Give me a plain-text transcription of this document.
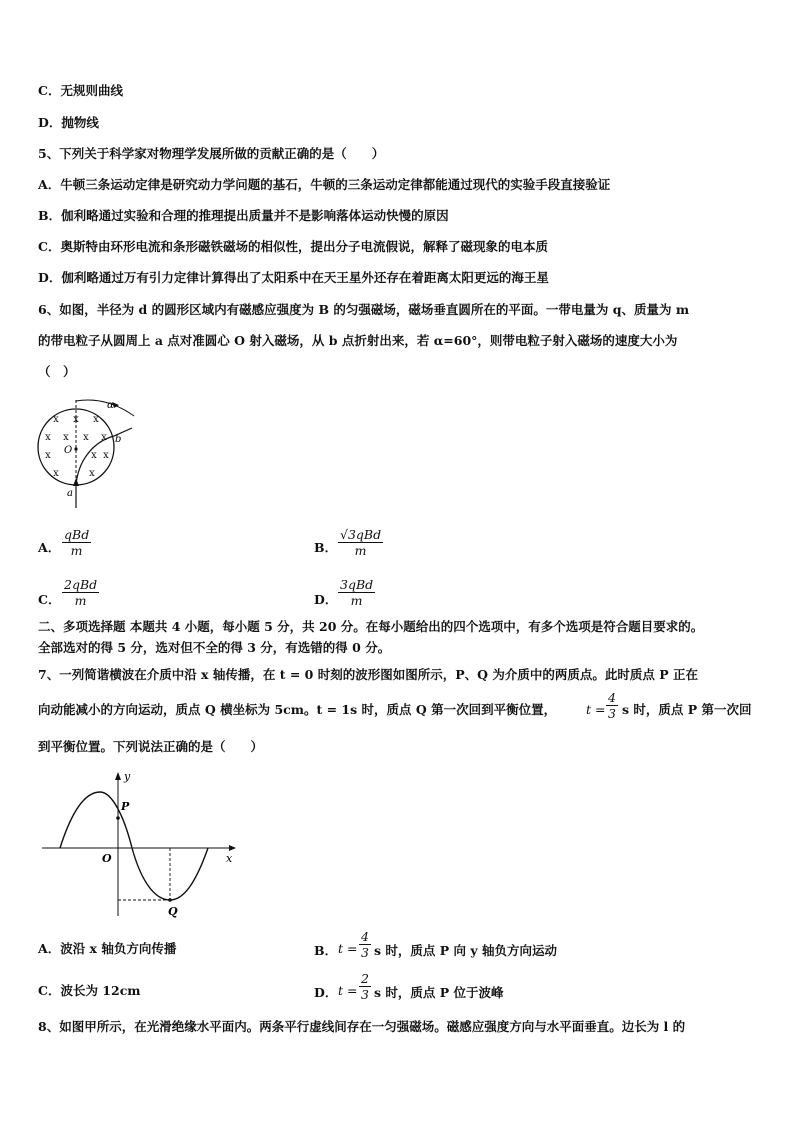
C．无规则曲线
D．抛物线
5、下列关于科学家对物理学发展所做的贡献正确的是（　　）
A．牛顿三条运动定律是研究动力学问题的基石，牛顿的三条运动定律都能通过现代的实验手段直接验证
B．伽利略通过实验和合理的推理提出质量并不是影响落体运动快慢的原因
C．奥斯特由环形电流和条形磁铁磁场的相似性，提出分子电流假说，解释了磁现象的电本质
D．伽利略通过万有引力定律计算得出了太阳系中在天王星外还存在着距离太阳更远的海王星
6、如图，半径为 d 的圆形区域内有磁感应强度为 B 的匀强磁场，磁场垂直圆所在的平面。一带电量为 q、质量为 m
的带电粒子从圆周上 a 点对准圆心 O 射入磁场，从 b 点折射出来，若 α=60°，则带电粒子射入磁场的速度大小为
（　）
x x x
x x x x
x	x x
x	x
O
a
b
α
A．
qBd
m	B．
√3qBd
m
C．
2qBd
m	D．
3qBd
m
二、多项选择题 本题共 4 小题，每小题 5 分，共 20 分。在每小题给出的四个选项中，有多个选项是符合题目要求的。
全部选对的得 5 分，选对但不全的得 3 分，有选错的得 0 分。
7、一列简谐横波在介质中沿 x 轴传播，在 t = 0 时刻的波形图如图所示，P、Q 为介质中的两质点。此时质点 P 正在
向动能减小的方向运动，质点 Q 横坐标为 5cm。t = 1s 时，质点 Q 第一次回到平衡位置， $t = \frac{4}{3}$ s 时，质点 P 第一次回
到平衡位置。下列说法正确的是（　　）
y
x
O
P
Q
A．波沿 x 轴负方向传播	B． $t = \frac{4}{3}$ s 时，质点 P 向 y 轴负方向运动
C．波长为 12cm	D． $t = \frac{2}{3}$ s 时，质点 P 位于波峰
8、如图甲所示，在光滑绝缘水平面内。两条平行虚线间存在一匀强磁场。磁感应强度方向与水平面垂直。边长为 l 的
